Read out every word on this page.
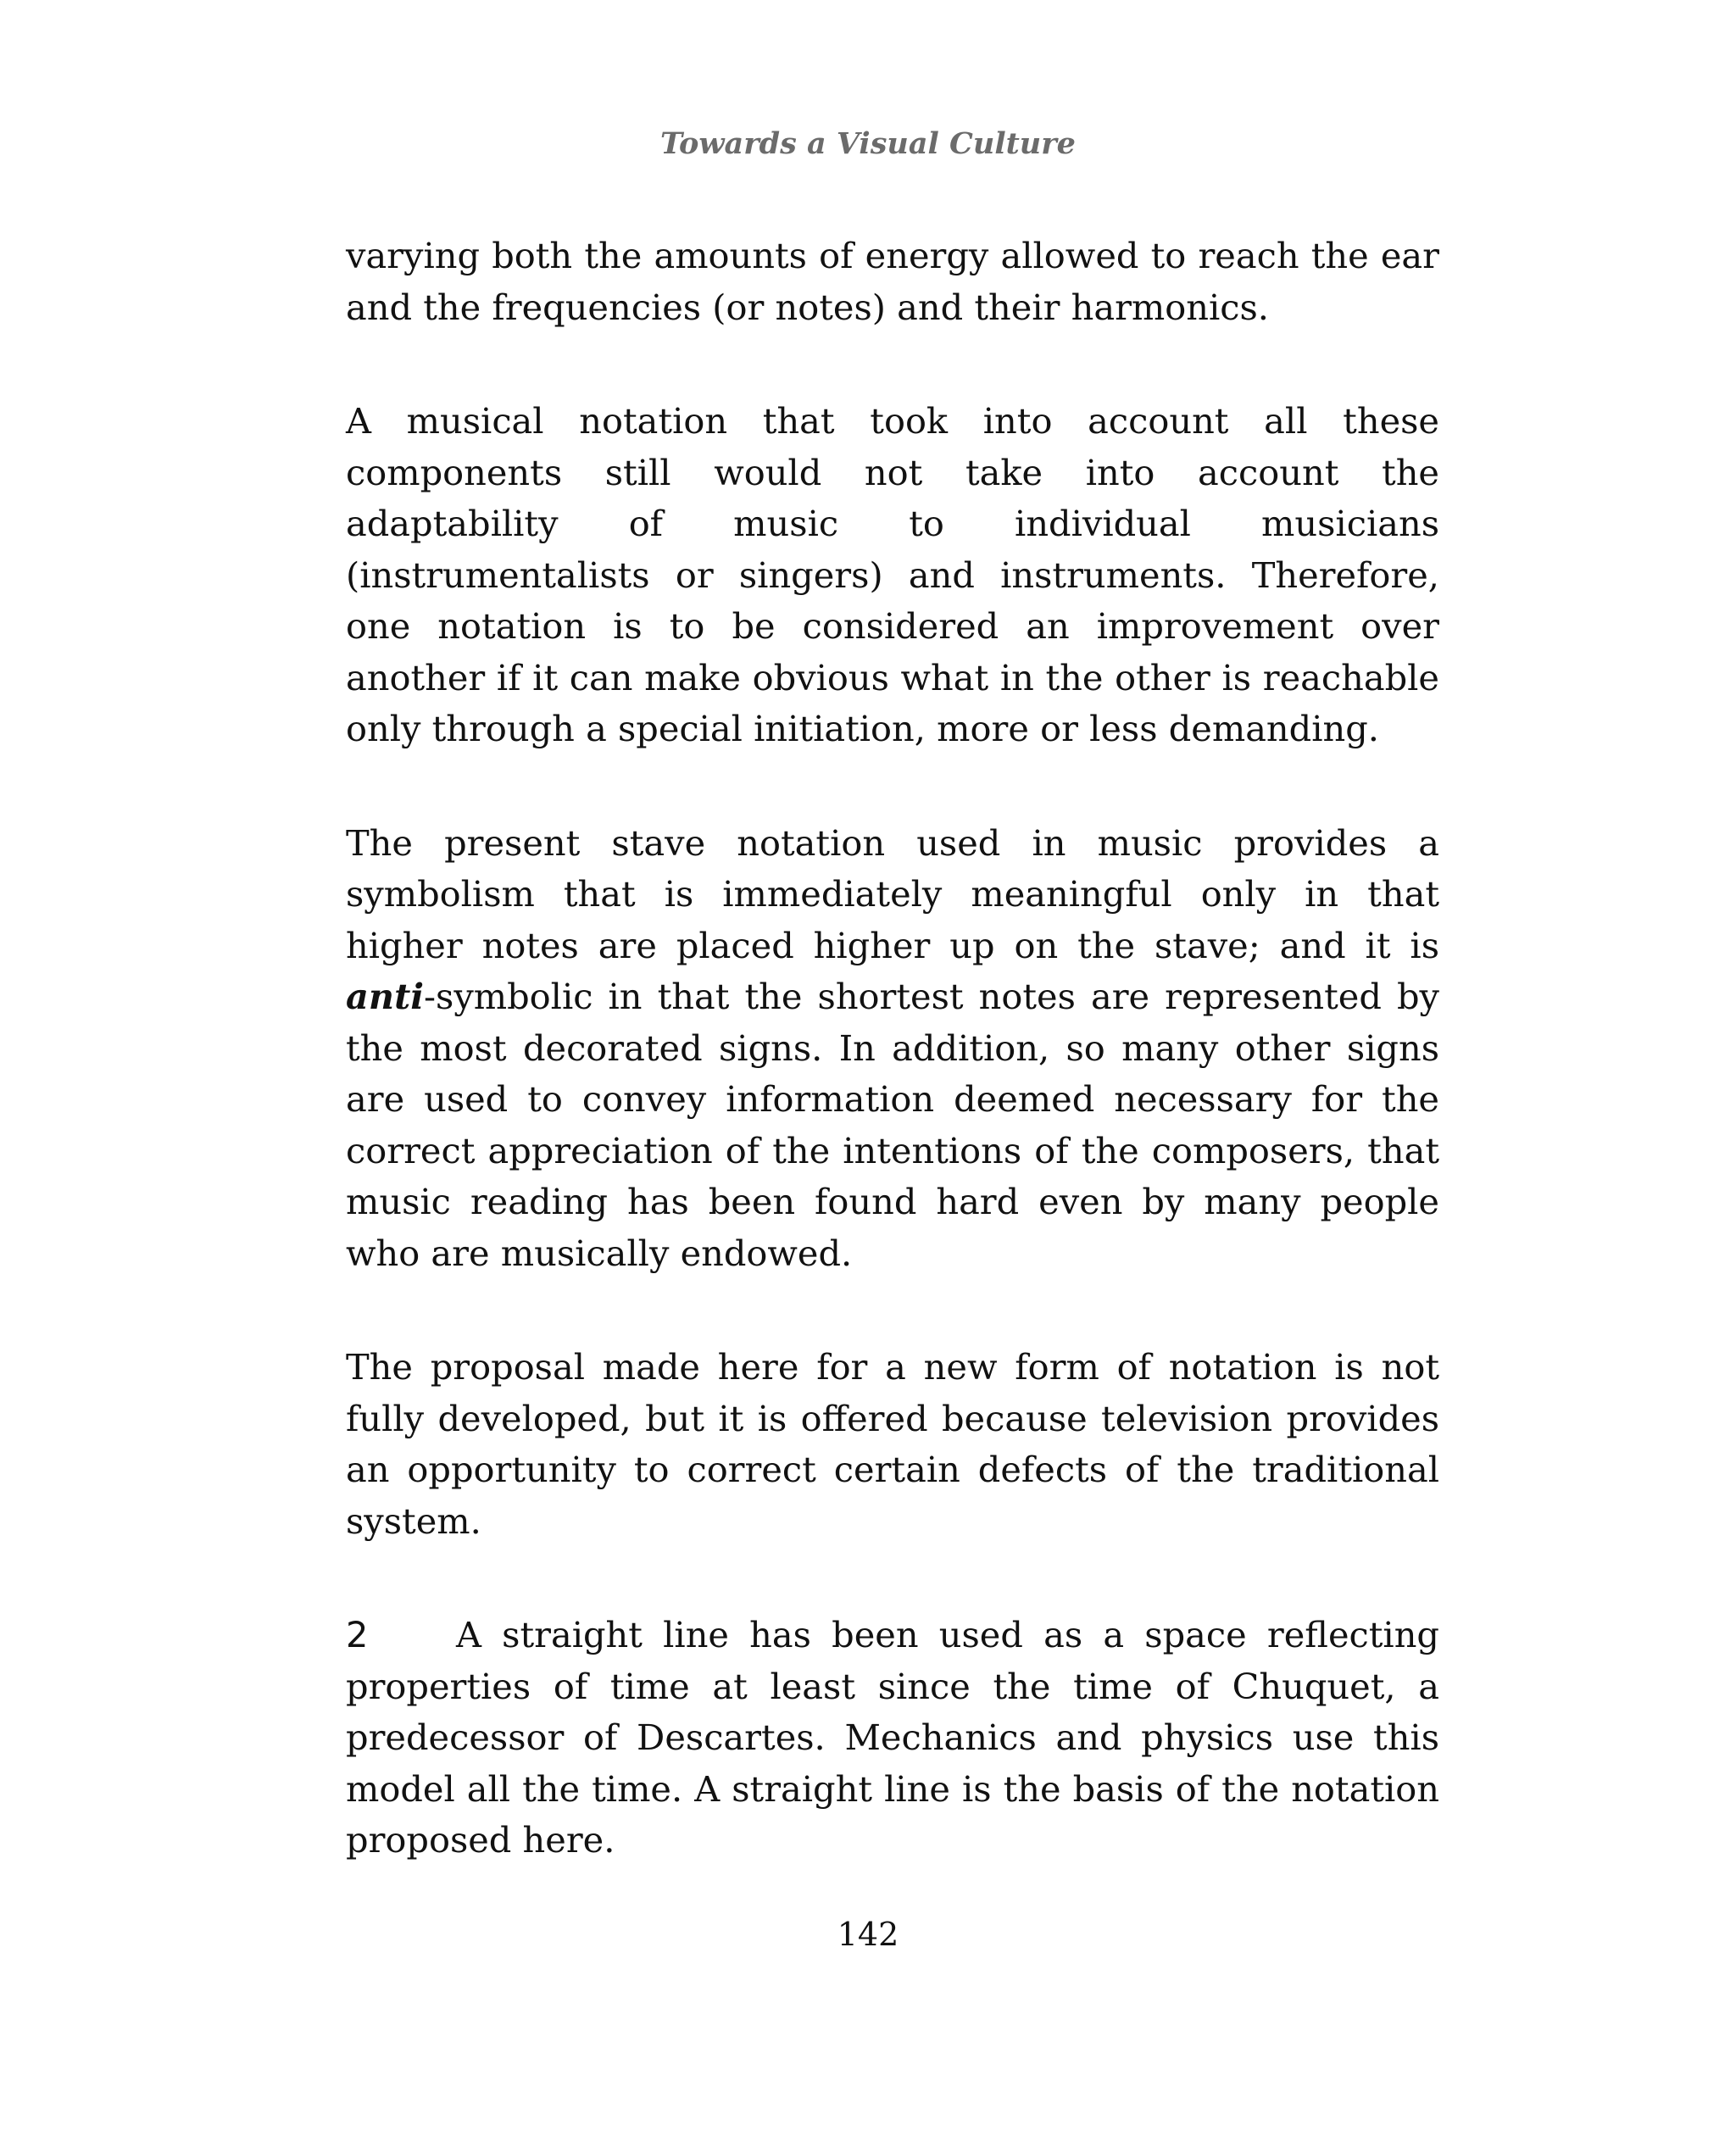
Towards a Visual Culture

varying both the amounts of energy allowed to reach the ear and the frequencies (or notes) and their harmonics.

A musical notation that took into account all these components still would not take into account the adaptability of music to individual musicians (instrumentalists or singers) and instruments. Therefore, one notation is to be considered an improvement over another if it can make obvious what in the other is reachable only through a special initiation, more or less demanding.

The present stave notation used in music provides a symbolism that is immediately meaningful only in that higher notes are placed higher up on the stave; and it is anti-symbolic in that the shortest notes are represented by the most decorated signs. In addition, so many other signs are used to convey information deemed necessary for the correct appreciation of the intentions of the composers, that music reading has been found hard even by many people who are musically endowed.

The proposal made here for a new form of notation is not fully developed, but it is offered because television provides an opportunity to correct certain defects of the traditional system.

2 A straight line has been used as a space reflecting properties of time at least since the time of Chuquet, a predecessor of Descartes. Mechanics and physics use this model all the time. A straight line is the basis of the notation proposed here.

142
